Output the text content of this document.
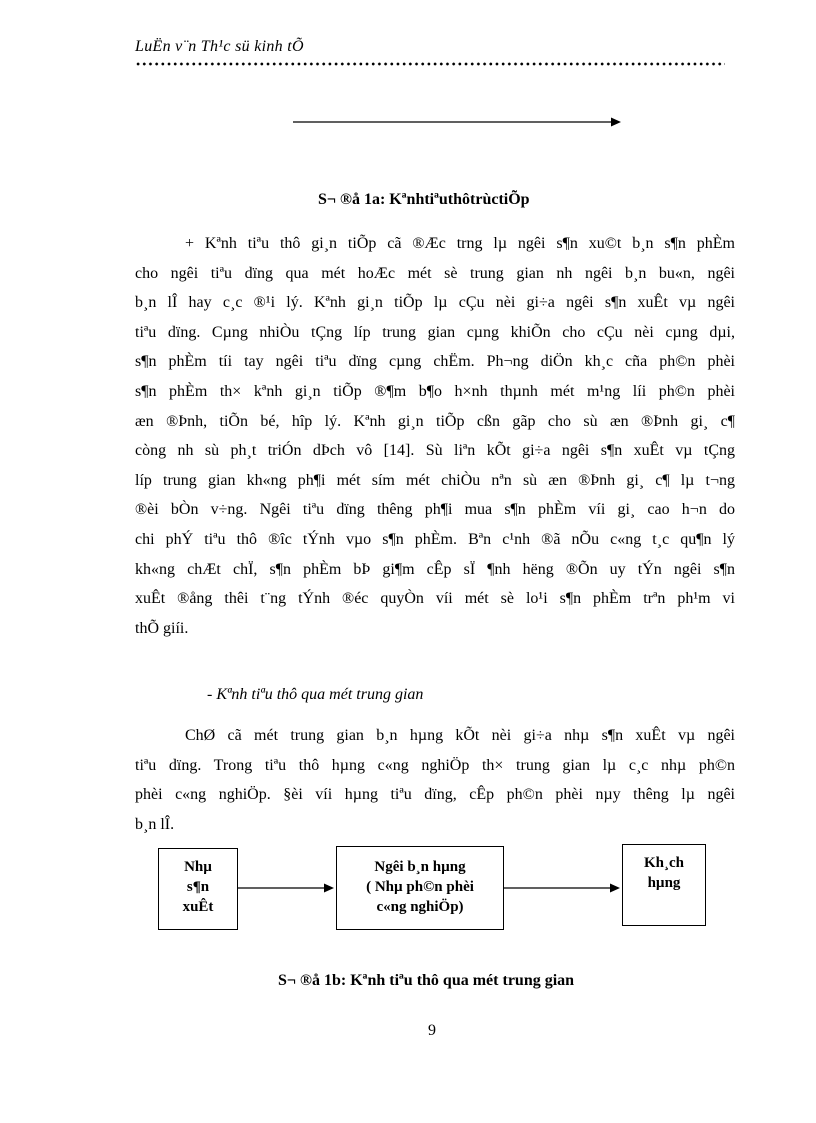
LuËn v¨n Th¹c sü kinh tÕ
S¬ ®å 1a: KªnhtiªuthôtrùctiÕp
+ Kªnh tiªu thô gi¸n tiÕp cã ®Æc trng lµ ngêi s¶n xu©t b¸n s¶n phÈm
cho ngêi tiªu dïng qua mét hoÆc mét sè trung gian nh ngêi b¸n bu«n, ngêi
b¸n lÎ hay c¸c ®¹i lý. Kªnh gi¸n tiÕp lµ cÇu nèi gi÷a ngêi s¶n xuÊt vµ ngêi
tiªu dïng. Cµng nhiÒu tÇng líp trung gian cµng khiÕn cho cÇu nèi cµng dµi,
s¶n phÈm tíi tay ngêi tiªu dïng cµng chËm. Ph¬ng diÖn kh¸c cña ph©n phèi
s¶n phÈm th× kªnh gi¸n tiÕp ®¶m b¶o h×nh thµnh mét m¹ng líi ph©n phèi
æn ®Þnh, tiÕn bé, hîp lý. Kªnh gi¸n tiÕp cßn gãp cho sù æn ®Þnh gi¸ c¶
còng nh sù ph¸t triÓn dÞch vô [14]. Sù liªn kÕt gi÷a ngêi s¶n xuÊt vµ tÇng
líp trung gian kh«ng ph¶i mét sím mét chiÒu nªn sù æn ®Þnh gi¸ c¶ lµ t¬ng
®èi bÒn v÷ng. Ngêi tiªu dïng thêng ph¶i mua s¶n phÈm víi gi¸ cao h¬n do
chi phÝ tiªu thô ®îc tÝnh vµo s¶n phÈm. Bªn c¹nh ®ã nÕu c«ng t¸c qu¶n lý
kh«ng chÆt chÏ, s¶n phÈm bÞ gi¶m cÊp sÏ ¶nh hëng ®Õn uy tÝn ngêi s¶n
xuÊt ®ång thêi t¨ng tÝnh ®éc quyÒn víi mét sè lo¹i s¶n phÈm trªn ph¹m vi
thÕ giíi.
- Kªnh tiªu thô qua mét trung gian
ChØ cã mét trung gian b¸n hµng kÕt nèi gi÷a nhµ s¶n xuÊt vµ ngêi
tiªu dïng. Trong tiªu thô hµng c«ng nghiÖp th× trung gian lµ c¸c nhµ ph©n
phèi c«ng nghiÖp. §èi víi hµng tiªu dïng, cÊp ph©n phèi nµy thêng lµ ngêi
b¸n lÎ.
Nhµ
s¶n
xuÊt
Ngêi b¸n hµng
( Nhµ ph©n phèi
c«ng nghiÖp)
Kh¸ch
hµng
S¬ ®å 1b: Kªnh tiªu thô qua mét trung gian
9
